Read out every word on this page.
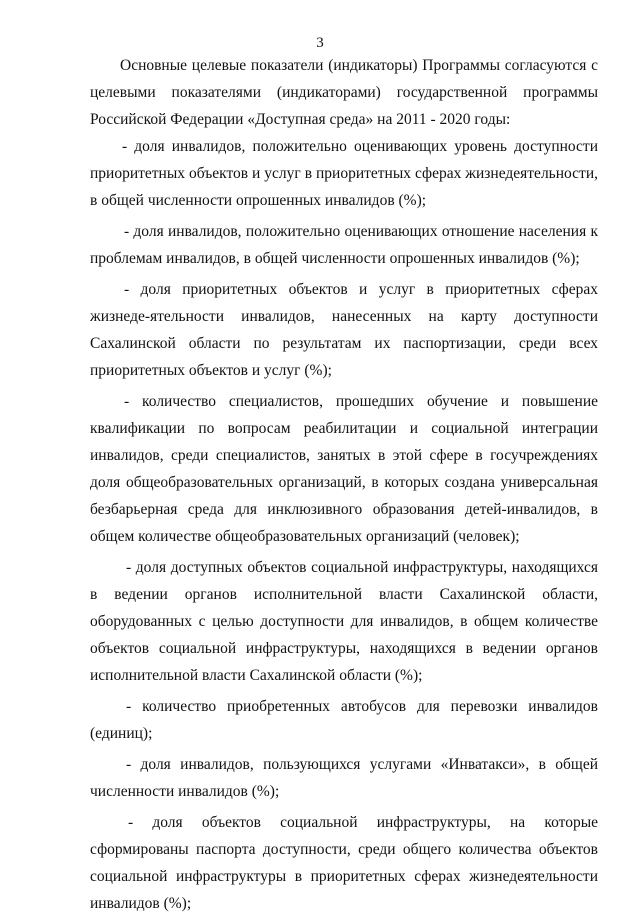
3

Основные целевые показатели (индикаторы) Программы согласуются с целевыми показателями (индикаторами) государственной программы Российской Федерации «Доступная среда» на 2011 - 2020 годы:

- доля инвалидов, положительно оценивающих уровень доступности приоритетных объектов и услуг в приоритетных сферах жизнедеятельности, в общей численности опрошенных инвалидов (%);

- доля инвалидов, положительно оценивающих отношение населения к проблемам инвалидов, в общей численности опрошенных инвалидов (%);

- доля приоритетных объектов и услуг в приоритетных сферах жизнеде-ятельности инвалидов, нанесенных на карту доступности Сахалинской области по результатам их паспортизации, среди всех приоритетных объектов и услуг (%);

- количество специалистов, прошедших обучение и повышение квалификации по вопросам реабилитации и социальной интеграции инвалидов, среди специалистов, занятых в этой сфере в госучреждениях доля общеобразовательных организаций, в которых создана универсальная безбарьерная среда для инклюзивного образования детей-инвалидов, в общем количестве общеобразовательных организаций (человек);

- доля доступных объектов социальной инфраструктуры, находящихся в ведении органов исполнительной власти Сахалинской области, оборудованных с целью доступности для инвалидов, в общем количестве объектов социальной инфраструктуры, находящихся в ведении органов исполнительной власти Сахалинской области (%);

- количество приобретенных автобусов для перевозки инвалидов (единиц);

- доля инвалидов, пользующихся услугами «Инватакси», в общей численности инвалидов (%);

- доля объектов социальной инфраструктуры, на которые сформированы паспорта доступности, среди общего количества объектов социальной инфраструктуры в приоритетных сферах жизнедеятельности инвалидов (%);
